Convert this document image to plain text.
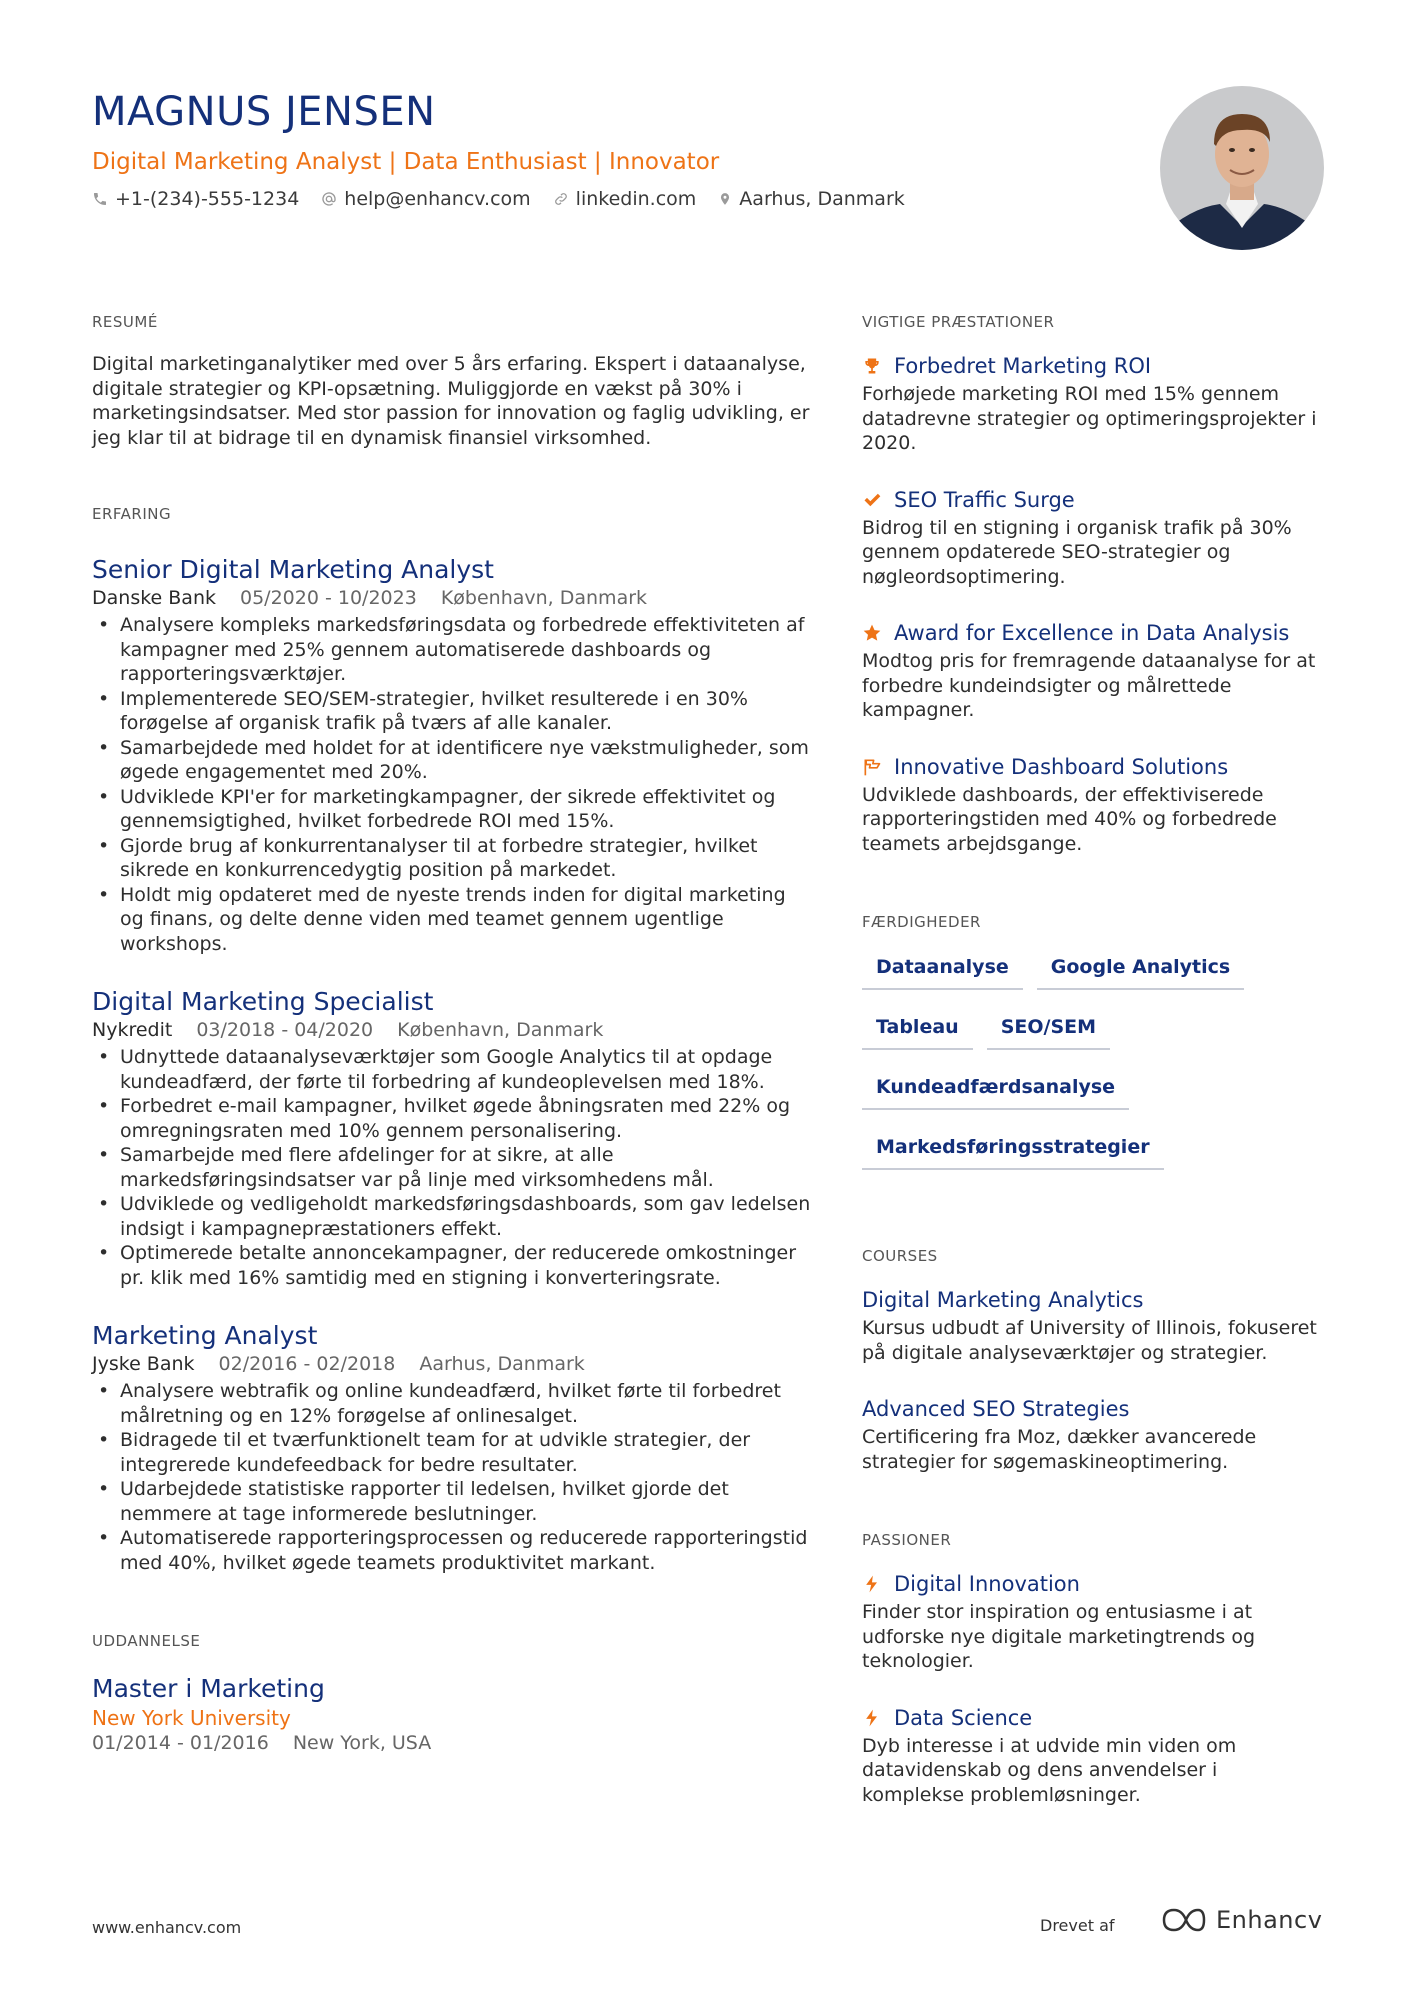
MAGNUS JENSEN
Digital Marketing Analyst | Data Enthusiast | Innovator
+1-(234)-555-1234 help@enhancv.com linkedin.com Aarhus, Danmark
RESUMÉ

Digital marketinganalytiker med over 5 års erfaring. Ekspert i dataanalyse, digitale strategier og KPI-opsætning. Muliggjorde en vækst på 30% i marketingsindsatser. Med stor passion for innovation og faglig udvikling, er jeg klar til at bidrage til en dynamisk finansiel virksomhed.

ERFARING
Senior Digital Marketing Analyst
Danske Bank 05/2020 - 10/2023 København, Danmark
• Analysere kompleks markedsføringsdata og forbedrede effektiviteten af kampagner med 25% gennem automatiserede dashboards og rapporteringsværktøjer.
• Implementerede SEO/SEM-strategier, hvilket resulterede i en 30% forøgelse af organisk trafik på tværs af alle kanaler.
• Samarbejdede med holdet for at identificere nye vækstmuligheder, som øgede engagementet med 20%.
• Udviklede KPI'er for marketingkampagner, der sikrede effektivitet og gennemsigtighed, hvilket forbedrede ROI med 15%.
• Gjorde brug af konkurrentanalyser til at forbedre strategier, hvilket sikrede en konkurrencedygtig position på markedet.
• Holdt mig opdateret med de nyeste trends inden for digital marketing og finans, og delte denne viden med teamet gennem ugentlige workshops.
Digital Marketing Specialist
Nykredit 03/2018 - 04/2020 København, Danmark
• Udnyttede dataanalyseværktøjer som Google Analytics til at opdage kundeadfærd, der førte til forbedring af kundeoplevelsen med 18%.
• Forbedret e-mail kampagner, hvilket øgede åbningsraten med 22% og omregningsraten med 10% gennem personalisering.
• Samarbejde med flere afdelinger for at sikre, at alle markedsføringsindsatser var på linje med virksomhedens mål.
• Udviklede og vedligeholdt markedsføringsdashboards, som gav ledelsen indsigt i kampagnepræstationers effekt.
• Optimerede betalte annoncekampagner, der reducerede omkostninger pr. klik med 16% samtidig med en stigning i konverteringsrate.
Marketing Analyst
Jyske Bank 02/2016 - 02/2018 Aarhus, Danmark
• Analysere webtrafik og online kundeadfærd, hvilket førte til forbedret målretning og en 12% forøgelse af onlinesalget.
• Bidragede til et tværfunktionelt team for at udvikle strategier, der integrerede kundefeedback for bedre resultater.
• Udarbejdede statistiske rapporter til ledelsen, hvilket gjorde det nemmere at tage informerede beslutninger.
• Automatiserede rapporteringsprocessen og reducerede rapporteringstid med 40%, hvilket øgede teamets produktivitet markant.
UDDANNELSE
Master i Marketing
New York University
01/2014 - 01/2016 New York, USA
VIGTIGE PRÆSTATIONER
Forbedret Marketing ROI
Forhøjede marketing ROI med 15% gennem datadrevne strategier og optimeringsprojekter i 2020.
SEO Traffic Surge
Bidrog til en stigning i organisk trafik på 30% gennem opdaterede SEO-strategier og nøgleordsoptimering.
Award for Excellence in Data Analysis
Modtog pris for fremragende dataanalyse for at forbedre kundeindsigter og målrettede kampagner.
Innovative Dashboard Solutions
Udviklede dashboards, der effektiviserede rapporteringstiden med 40% og forbedrede teamets arbejdsgange.
FÆRDIGHEDER
Dataanalyse	Google Analytics
Tableau	SEO/SEM
Kundeadfærdsanalyse
Markedsføringsstrategier
COURSES
Digital Marketing Analytics
Kursus udbudt af University of Illinois, fokuseret på digitale analyseværktøjer og strategier.
Advanced SEO Strategies
Certificering fra Moz, dækker avancerede strategier for søgemaskineoptimering.
PASSIONER
Digital Innovation
Finder stor inspiration og entusiasme i at udforske nye digitale marketingtrends og teknologier.
Data Science
Dyb interesse i at udvide min viden om datavidenskab og dens anvendelser i komplekse problemløsninger.
www.enhancv.com	Drevet af	Enhancv
